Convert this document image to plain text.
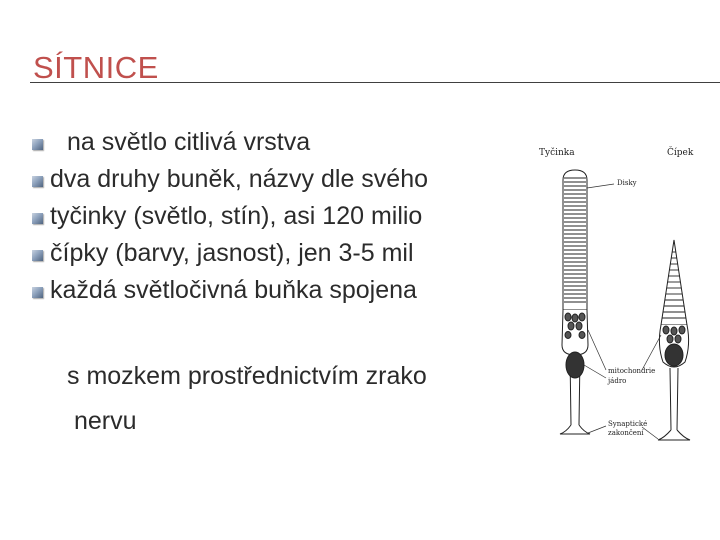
SÍTNICE
na světlo citlivá vrstva
dva druhy buněk, názvy dle svého
tyčinky (světlo, stín), asi 120 milio
čípky (barvy, jasnost), jen 3-5 mil
každá světločivná buňka spojena
s mozkem prostřednictvím zrako
nervu
Tyčinka	Čípek
Disky
mitochondrie
jádro
Synaptické
zakončení
